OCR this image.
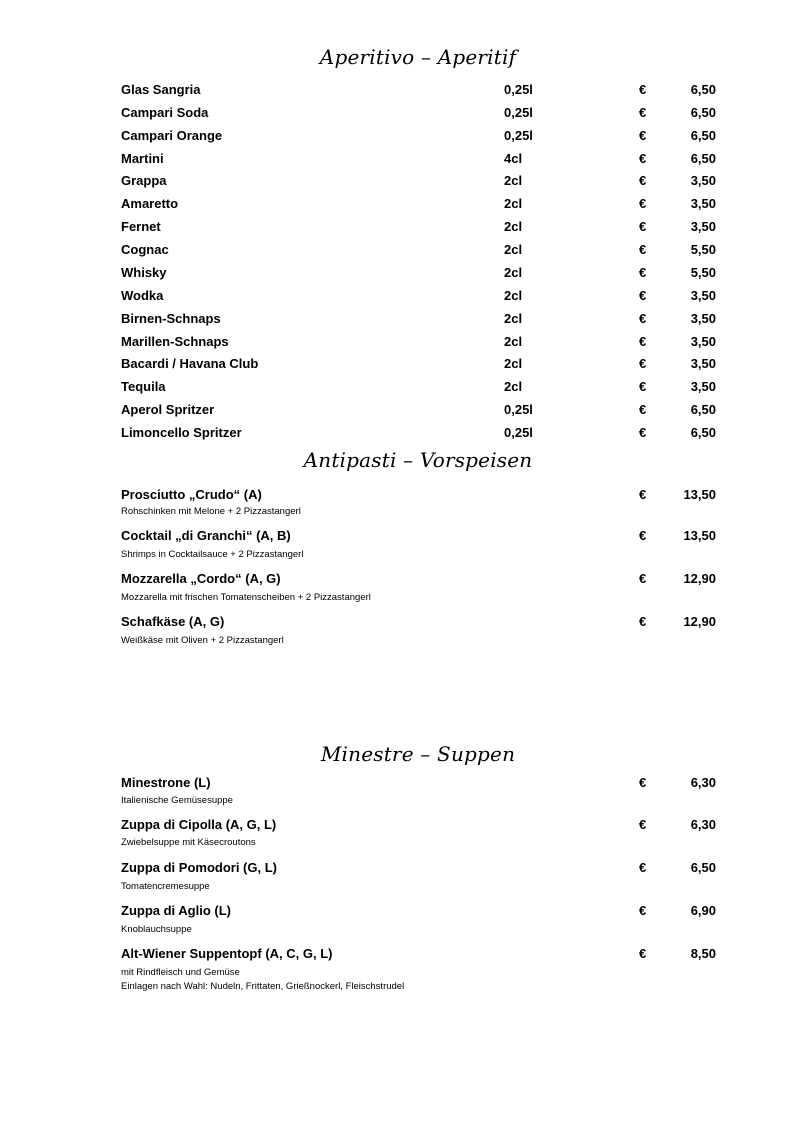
Aperitivo – Aperitif
Antipasti – Vorspeisen
Minestre – Suppen
Glas Sangria	0,25l	€	6,50
Campari Soda	0,25l	€	6,50
Campari Orange	0,25l	€	6,50
Martini	4cl	€	6,50
Grappa	2cl	€	3,50
Amaretto	2cl	€	3,50
Fernet	2cl	€	3,50
Cognac	2cl	€	5,50
Whisky	2cl	€	5,50
Wodka	2cl	€	3,50
Birnen-Schnaps	2cl	€	3,50
Marillen-Schnaps	2cl	€	3,50
Bacardi / Havana Club	2cl	€	3,50
Tequila	2cl	€	3,50
Aperol Spritzer	0,25l	€	6,50
Limoncello Spritzer	0,25l	€	6,50
Prosciutto „Crudo“ (A)	€	13,50
Rohschinken mit Melone + 2 Pizzastangerl
Cocktail „di Granchi“ (A, B)	€	13,50
Shrimps in Cocktailsauce + 2 Pizzastangerl
Mozzarella „Cordo“ (A, G)	€	12,90
Mozzarella mit frischen Tomatenscheiben + 2 Pizzastangerl
Schafkäse (A, G)	€	12,90
Weißkäse mit Oliven + 2 Pizzastangerl
Minestrone (L)	€	6,30
Italienische Gemüsesuppe
Zuppa di Cipolla (A, G, L)	€	6,30
Zwiebelsuppe mit Käsecroutons
Zuppa di Pomodori (G, L)	€	6,50
Tomatencremesuppe
Zuppa di Aglio (L)	€	6,90
Knoblauchsuppe
Alt-Wiener Suppentopf (A, C, G, L)	€	8,50
mit Rindfleisch und Gemüse
Einlagen nach Wahl: Nudeln, Frittaten, Grießnockerl, Fleischstrudel
